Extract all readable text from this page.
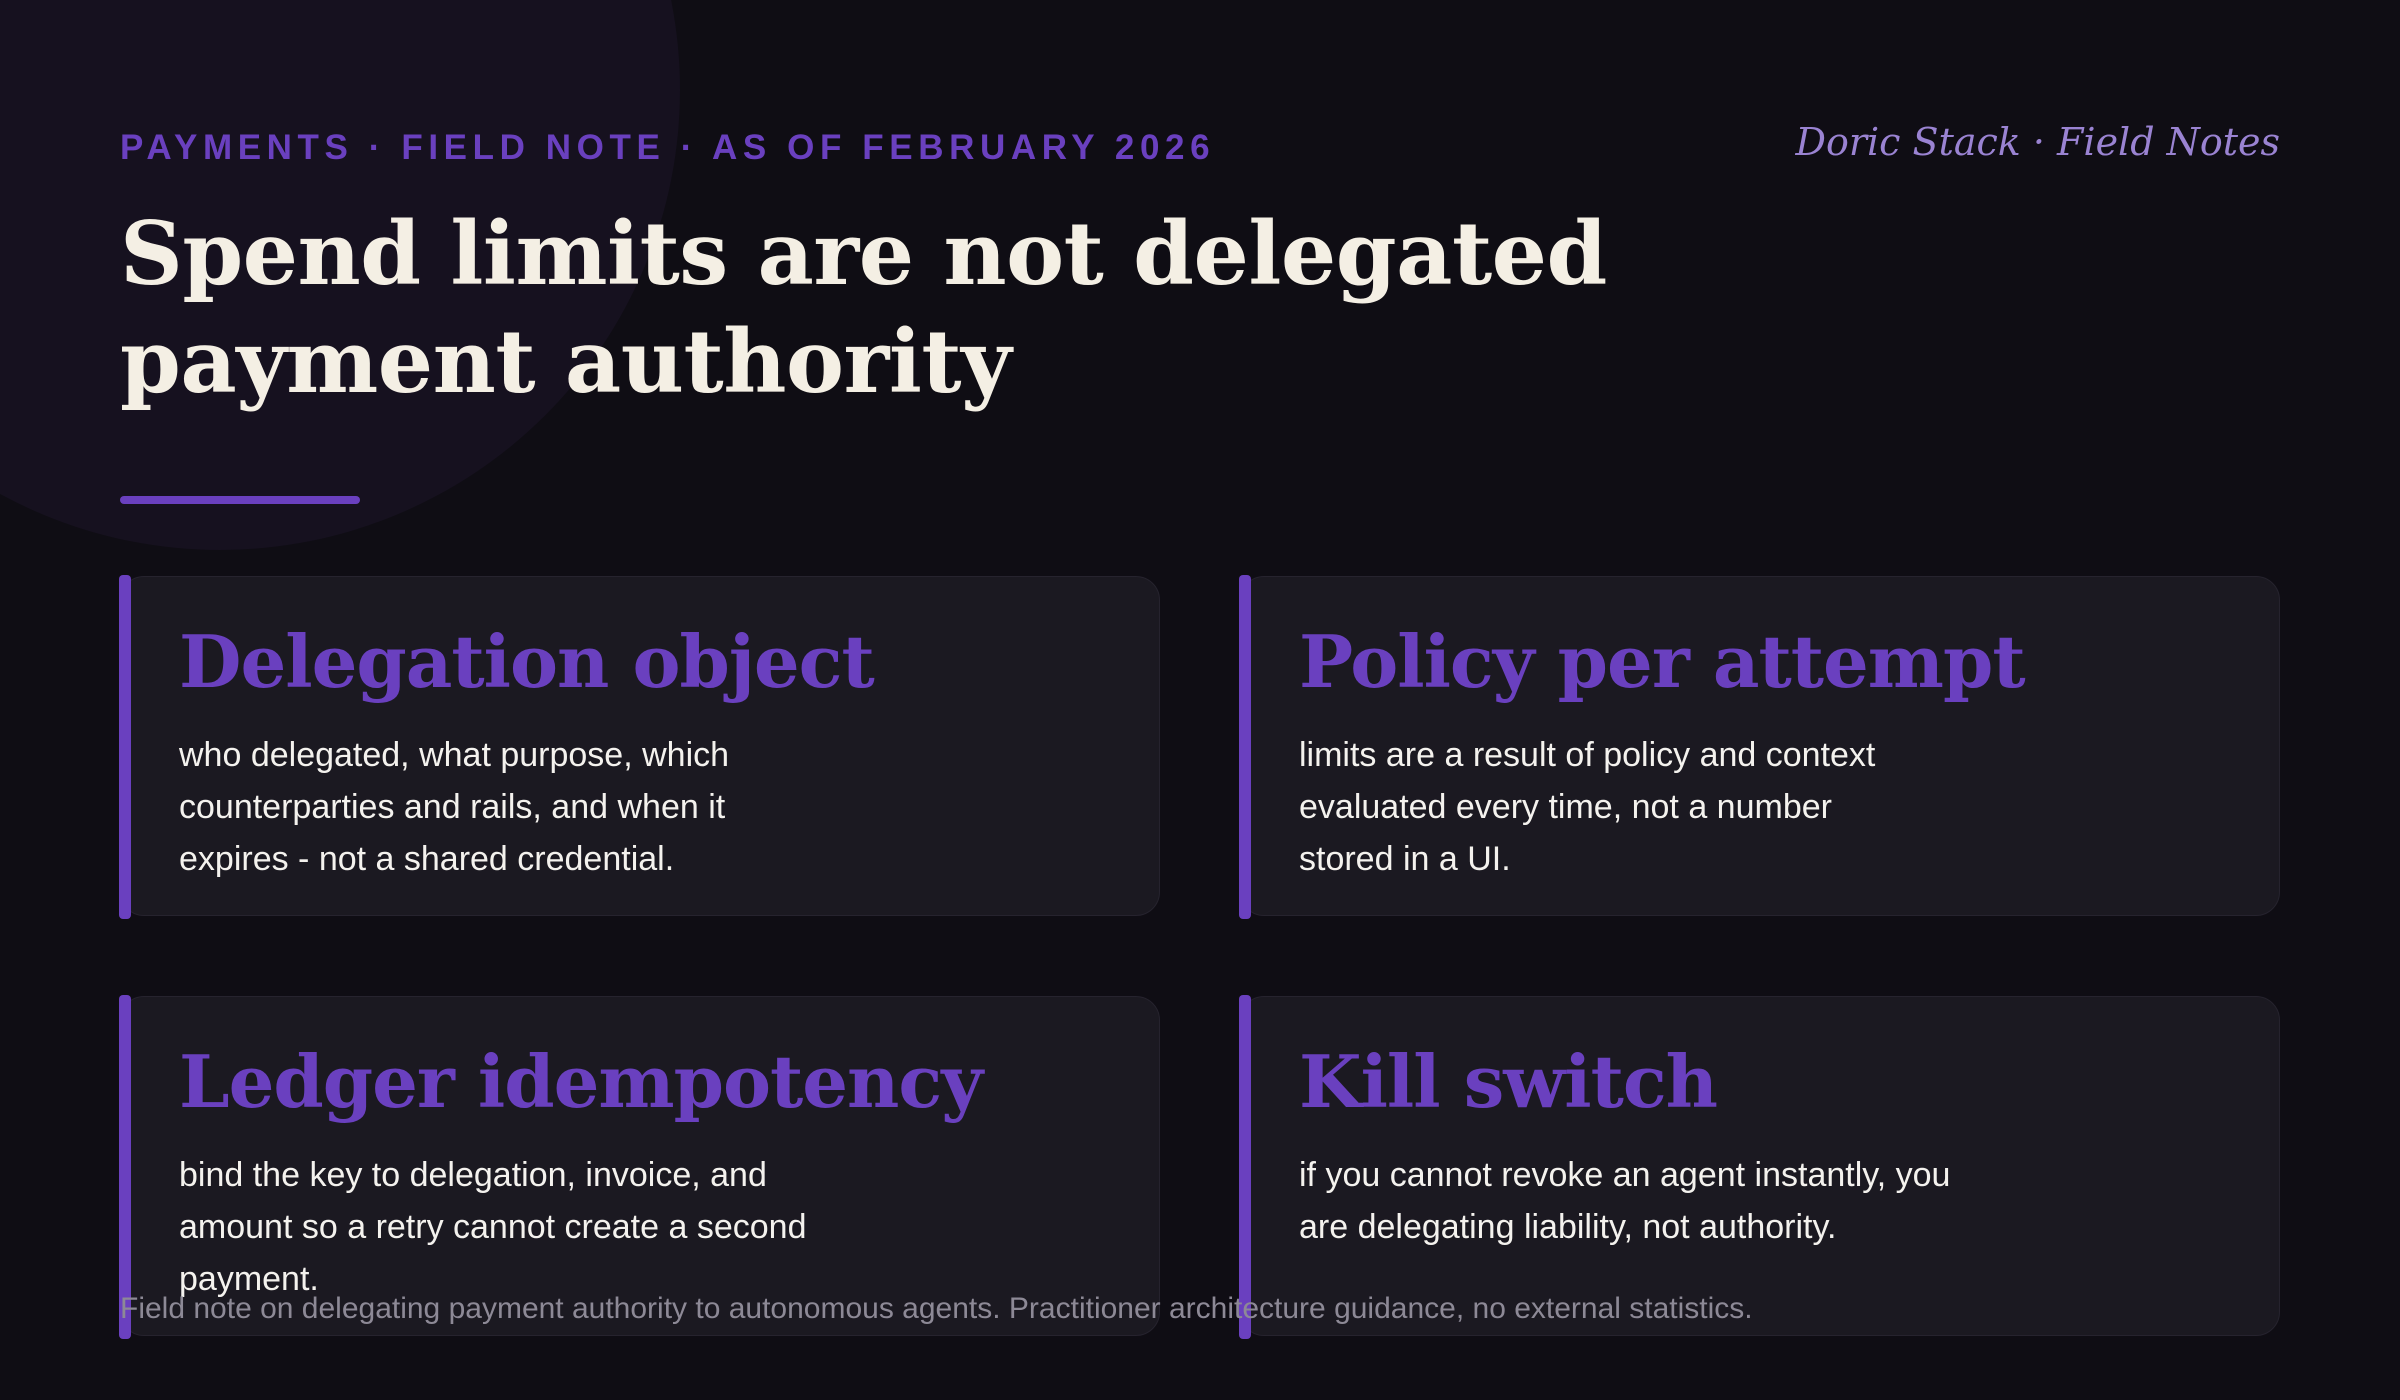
PAYMENTS · FIELD NOTE · AS OF FEBRUARY 2026	Doric Stack · Field Notes
Spend limits are not delegated payment authority
Delegation object

who delegated, what purpose, which counterparties and rails, and when it expires - not a shared credential.

Policy per attempt

limits are a result of policy and context evaluated every time, not a number stored in a UI.

Ledger idempotency

bind the key to delegation, invoice, and amount so a retry cannot create a second payment.

Kill switch

if you cannot revoke an agent instantly, you are delegating liability, not authority.

Field note on delegating payment authority to autonomous agents. Practitioner architecture guidance, no external statistics.
